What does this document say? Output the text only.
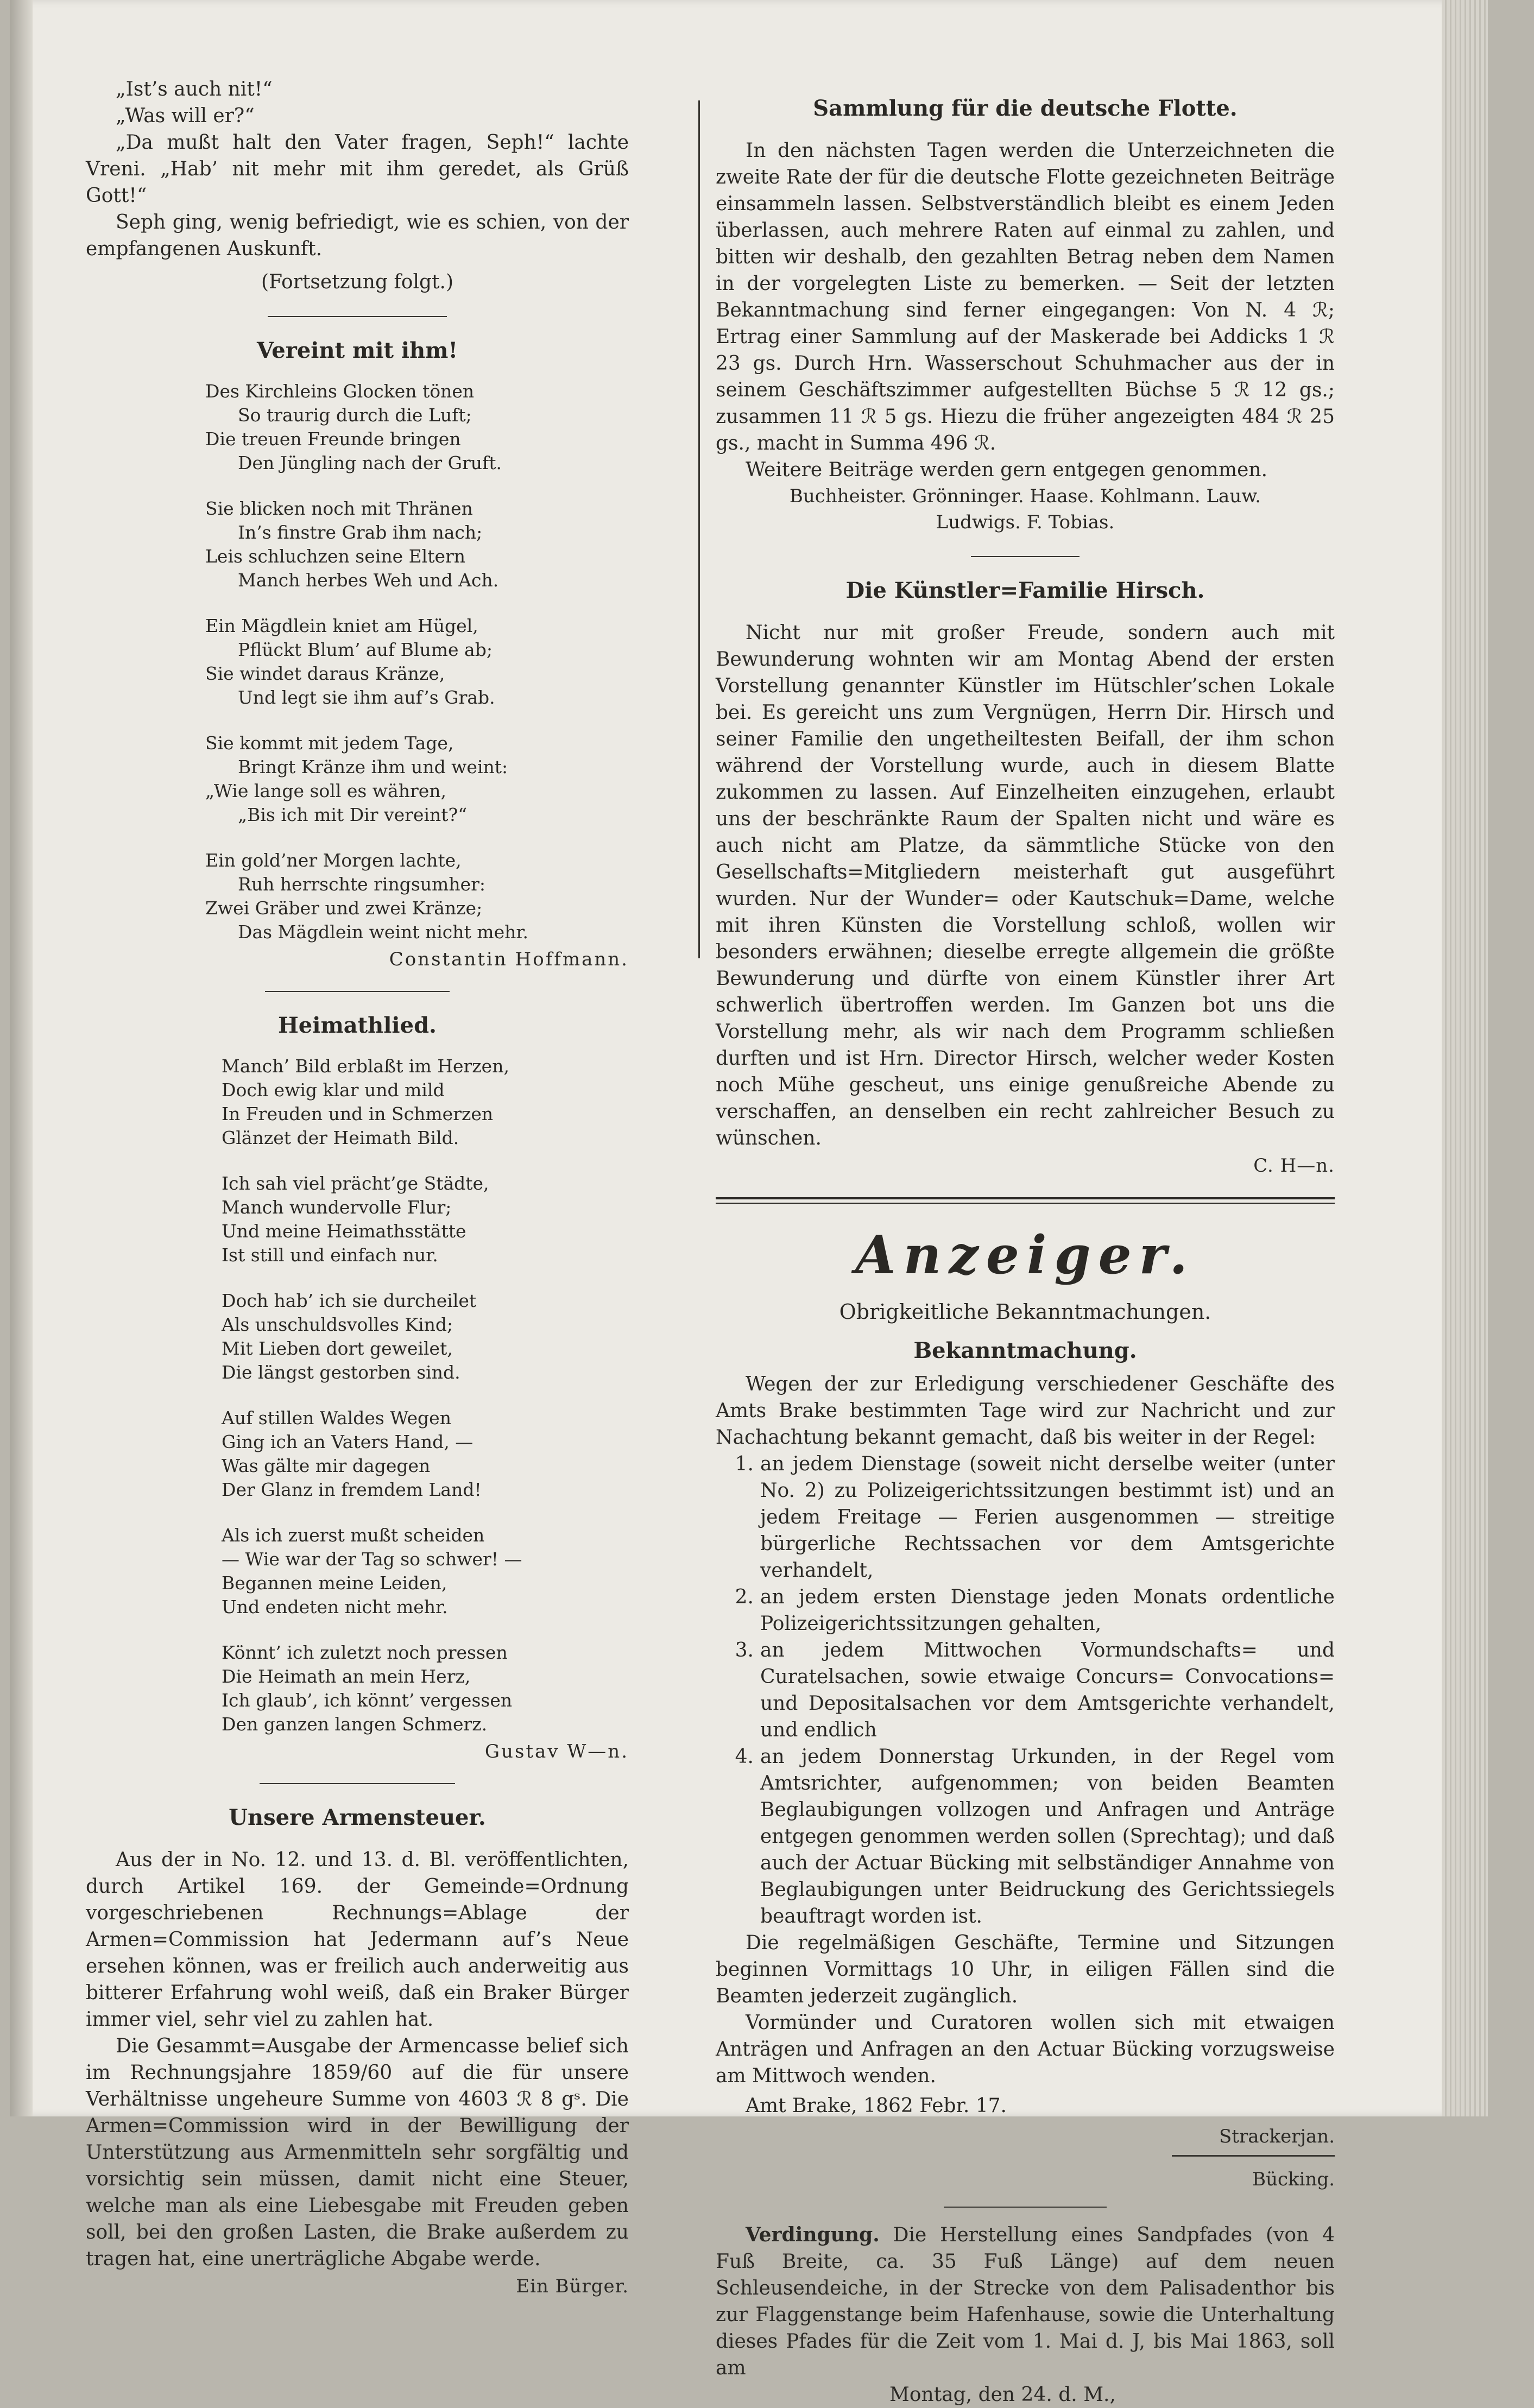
„Ist’s auch nit!“

„Was will er?“

„Da mußt halt den Vater fragen, Seph!“ lachte Vreni. „Hab’ nit mehr mit ihm geredet, als Grüß Gott!“

Seph ging, wenig befriedigt, wie es schien, von der empfangenen Auskunft.

(Fortsetzung folgt.)

Vereint mit ihm!

Des Kirchleins Glocken tönen

So traurig durch die Luft;

Die treuen Freunde bringen

Den Jüngling nach der Gruft.

Sie blicken noch mit Thränen

In’s finstre Grab ihm nach;

Leis schluchzen seine Eltern

Manch herbes Weh und Ach.

Ein Mägdlein kniet am Hügel,

Pflückt Blum’ auf Blume ab;

Sie windet daraus Kränze,

Und legt sie ihm auf’s Grab.

Sie kommt mit jedem Tage,

Bringt Kränze ihm und weint:

„Wie lange soll es währen,

„Bis ich mit Dir vereint?“

Ein gold’ner Morgen lachte,

Ruh herrschte ringsumher:

Zwei Gräber und zwei Kränze;

Das Mägdlein weint nicht mehr.

Constantin Hoffmann.
Heimathlied.

Manch’ Bild erblaßt im Herzen,

Doch ewig klar und mild

In Freuden und in Schmerzen

Glänzet der Heimath Bild.

Ich sah viel prächt’ge Städte,

Manch wundervolle Flur;

Und meine Heimathsstätte

Ist still und einfach nur.

Doch hab’ ich sie durcheilet

Als unschuldsvolles Kind;

Mit Lieben dort geweilet,

Die längst gestorben sind.

Auf stillen Waldes Wegen

Ging ich an Vaters Hand, —

Was gälte mir dagegen

Der Glanz in fremdem Land!

Als ich zuerst mußt scheiden

— Wie war der Tag so schwer! —

Begannen meine Leiden,

Und endeten nicht mehr.

Könnt’ ich zuletzt noch pressen

Die Heimath an mein Herz,

Ich glaub’, ich könnt’ vergessen

Den ganzen langen Schmerz.

Gustav W—n.
Unsere Armensteuer.

Aus der in No. 12. und 13. d. Bl. veröffentlichten, durch Artikel 169. der Gemeinde=Ordnung vorgeschriebenen Rechnungs=Ablage der Armen=Commission hat Jedermann auf’s Neue ersehen können, was er freilich auch anderweitig aus bitterer Erfahrung wohl weiß, daß ein Braker Bürger immer viel, sehr viel zu zahlen hat.

Die Gesammt=Ausgabe der Armencasse belief sich im Rechnungsjahre 1859/60 auf die für unsere Verhältnisse ungeheure Summe von 4603 ℛ 8 gˢ. Die Armen=Commission wird in der Bewilligung der Unterstützung aus Armenmitteln sehr sorgfältig und vorsichtig sein müssen, damit nicht eine Steuer, welche man als eine Liebesgabe mit Freuden geben soll, bei den großen Lasten, die Brake außerdem zu tragen hat, eine unerträgliche Abgabe werde.

Ein Bürger.
Sammlung für die deutsche Flotte.

In den nächsten Tagen werden die Unterzeichneten die zweite Rate der für die deutsche Flotte gezeichneten Beiträge einsammeln lassen. Selbstverständlich bleibt es einem Jeden überlassen, auch mehrere Raten auf einmal zu zahlen, und bitten wir deshalb, den gezahlten Betrag neben dem Namen in der vorgelegten Liste zu bemerken. — Seit der letzten Bekanntmachung sind ferner eingegangen: Von N. 4 ℛ; Ertrag einer Sammlung auf der Maskerade bei Addicks 1 ℛ 23 gs. Durch Hrn. Wasserschout Schuhmacher aus der in seinem Geschäftszimmer aufgestellten Büchse 5 ℛ 12 gs.; zusammen 11 ℛ 5 gs. Hiezu die früher angezeigten 484 ℛ 25 gs., macht in Summa 496 ℛ.

Weitere Beiträge werden gern entgegen genommen.

Buchheister. Grönninger. Haase. Kohlmann. Lauw.

Ludwigs. F. Tobias.

Die Künstler=Familie Hirsch.

Nicht nur mit großer Freude, sondern auch mit Bewunderung wohnten wir am Montag Abend der ersten Vorstellung genannter Künstler im Hütschler’schen Lokale bei. Es gereicht uns zum Vergnügen, Herrn Dir. Hirsch und seiner Familie den ungetheiltesten Beifall, der ihm schon während der Vorstellung wurde, auch in diesem Blatte zukommen zu lassen. Auf Einzelheiten einzugehen, erlaubt uns der beschränkte Raum der Spalten nicht und wäre es auch nicht am Platze, da sämmtliche Stücke von den Gesellschafts=Mitgliedern meisterhaft gut ausgeführt wurden. Nur der Wunder= oder Kautschuk=Dame, welche mit ihren Künsten die Vorstellung schloß, wollen wir besonders erwähnen; dieselbe erregte allgemein die größte Bewunderung und dürfte von einem Künstler ihrer Art schwerlich übertroffen werden. Im Ganzen bot uns die Vorstellung mehr, als wir nach dem Programm schließen durften und ist Hrn. Director Hirsch, welcher weder Kosten noch Mühe gescheut, uns einige genußreiche Abende zu verschaffen, an denselben ein recht zahlreicher Besuch zu wünschen.

C. H—n.
Anzeiger.
Obrigkeitliche Bekanntmachungen.
Bekanntmachung.

Wegen der zur Erledigung verschiedener Geschäfte des Amts Brake bestimmten Tage wird zur Nachricht und zur Nachachtung bekannt gemacht, daß bis weiter in der Regel:

1. an jedem Dienstage (soweit nicht derselbe weiter (unter No. 2) zu Polizeigerichtssitzungen bestimmt ist) und an jedem Freitage — Ferien ausgenommen — streitige bürgerliche Rechtssachen vor dem Amtsgerichte verhandelt,
2. an jedem ersten Dienstage jeden Monats ordentliche Polizeigerichtssitzungen gehalten,
3. an jedem Mittwochen Vormundschafts= und Curatelsachen, sowie etwaige Concurs= Convocations= und Depositalsachen vor dem Amtsgerichte verhandelt, und endlich
4. an jedem Donnerstag Urkunden, in der Regel vom Amtsrichter, aufgenommen; von beiden Beamten Beglaubigungen vollzogen und Anfragen und Anträge entgegen genommen werden sollen (Sprechtag); und daß auch der Actuar Bücking mit selbständiger Annahme von Beglaubigungen unter Beidruckung des Gerichtssiegels beauftragt worden ist.

Die regelmäßigen Geschäfte, Termine und Sitzungen beginnen Vormittags 10 Uhr, in eiligen Fällen sind die Beamten jederzeit zugänglich.

Vormünder und Curatoren wollen sich mit etwaigen Anträgen und Anfragen an den Actuar Bücking vorzugsweise am Mittwoch wenden.

Amt Brake, 1862 Febr. 17.

Strackerjan.

Bücking.

Verdingung. Die Herstellung eines Sandpfades (von 4 Fuß Breite, ca. 35 Fuß Länge) auf dem neuen Schleusendeiche, in der Strecke von dem Palisadenthor bis zur Flaggenstange beim Hafenhause, sowie die Unterhaltung dieses Pfades für die Zeit vom 1. Mai d. J, bis Mai 1863, soll am

Montag, den 24. d. M.,
